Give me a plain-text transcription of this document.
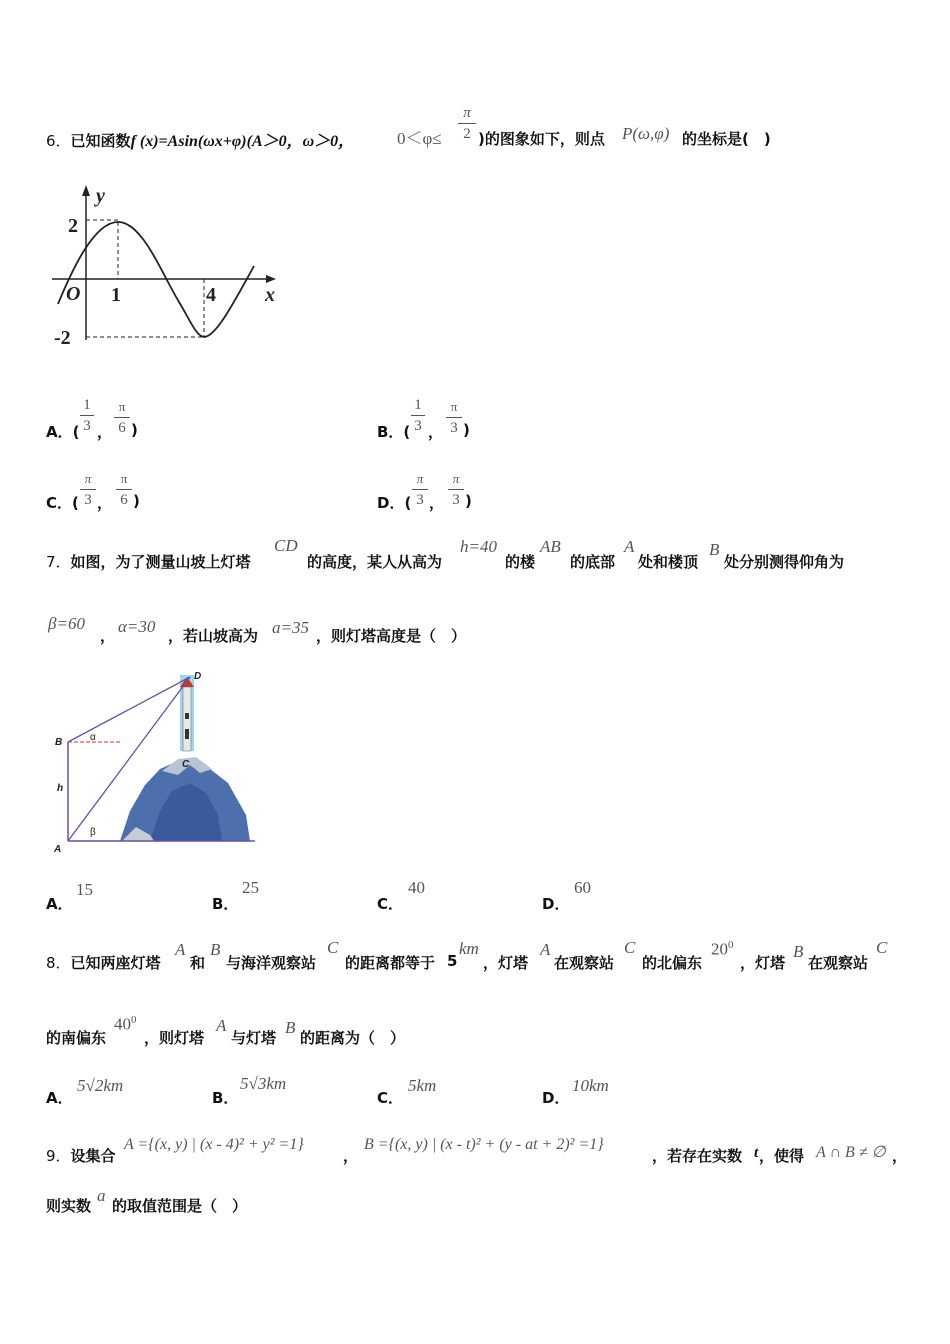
6．已知函数f (x)=Asin(ωx+φ)(A＞0，ω＞0，	0＜φ≤
π
2 )的图象如下，则点 P(ω,φ) 的坐标是(　)
y
x
O 1	4
2
-2
A．(
1
3 ，
π
6 )	B．(
1
3 ，
π
3 )
C．(
π
3 ，
π
6 )	D．(
π
3 ，
π
3 )
7．如图，为了测量山坡上灯塔
CD
的高度，某人从高为
h=40
的楼
AB
的底部
A
处和楼顶
B
处分别测得仰角为
β=60
， α=30 ，若山坡高为 a=35 ，则灯塔高度是（　）
D
B	α
h
C
β
A
A．
15
B．
25
C．
40
D．
60
8．已知两座灯塔
A
和
B
与海洋观察站
C
的距离都等于 5
km
，灯塔
A
在观察站
C
的北偏东
$20^0$
，灯塔
B
在观察站
C
的南偏东
$40^0$
，则灯塔
A
与灯塔
B
的距离为（　）
A．
5√2km
B．
5√3km
C．
5km
D．
10km
9．设集合
A ={(x, y) | (x - 4)² + y² =1}
，
B ={(x, y) | (x - t)² + (y - at + 2)² =1}
，若存在实数 t ，使得 A ∩ B ≠ ∅ ，
则实数
a
的取值范围是（　）
